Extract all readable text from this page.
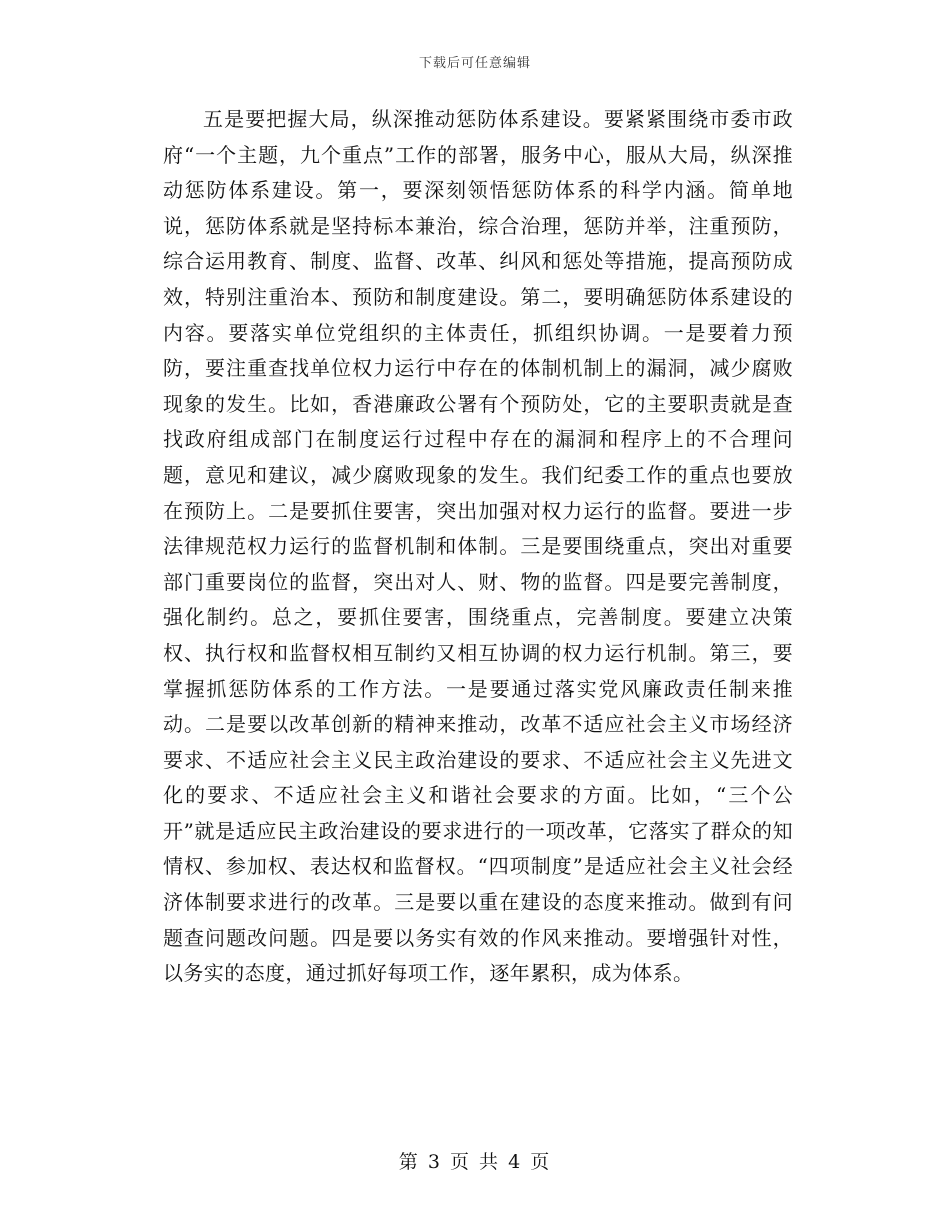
下载后可任意编辑

五是要把握大局，纵深推动惩防体系建设。要紧紧围绕市委市政府“一个主题，九个重点”工作的部署，服务中心，服从大局，纵深推动惩防体系建设。第一，要深刻领悟惩防体系的科学内涵。简单地说，惩防体系就是坚持标本兼治，综合治理，惩防并举，注重预防，综合运用教育、制度、监督、改革、纠风和惩处等措施，提高预防成效，特别注重治本、预防和制度建设。第二，要明确惩防体系建设的内容。要落实单位党组织的主体责任，抓组织协调。一是要着力预防，要注重查找单位权力运行中存在的体制机制上的漏洞，减少腐败现象的发生。比如，香港廉政公署有个预防处，它的主要职责就是查找政府组成部门在制度运行过程中存在的漏洞和程序上的不合理问题，意见和建议，减少腐败现象的发生。我们纪委工作的重点也要放在预防上。二是要抓住要害，突出加强对权力运行的监督。要进一步法律规范权力运行的监督机制和体制。三是要围绕重点，突出对重要部门重要岗位的监督，突出对人、财、物的监督。四是要完善制度，强化制约。总之，要抓住要害，围绕重点，完善制度。要建立决策权、执行权和监督权相互制约又相互协调的权力运行机制。第三，要掌握抓惩防体系的工作方法。一是要通过落实党风廉政责任制来推动。二是要以改革创新的精神来推动，改革不适应社会主义市场经济要求、不适应社会主义民主政治建设的要求、不适应社会主义先进文化的要求、不适应社会主义和谐社会要求的方面。比如，“三个公开”就是适应民主政治建设的要求进行的一项改革，它落实了群众的知情权、参加权、表达权和监督权。“四项制度”是适应社会主义社会经济体制要求进行的改革。三是要以重在建设的态度来推动。做到有问题查问题改问题。四是要以务实有效的作风来推动。要增强针对性，以务实的态度，通过抓好每项工作，逐年累积，成为体系。

第 3 页 共 4 页
